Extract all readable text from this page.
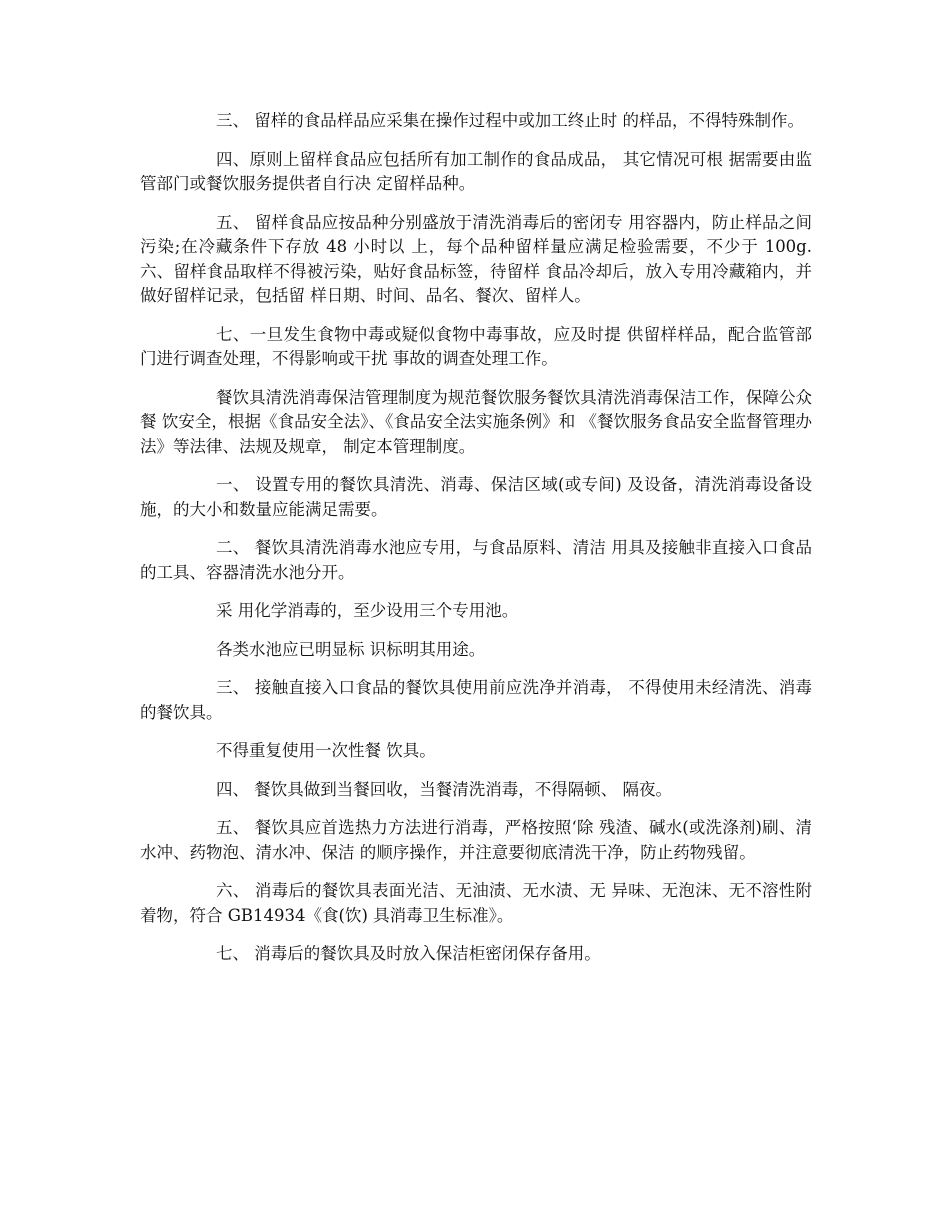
三、 留样的食品样品应采集在操作过程中或加工终止时 的样品，不得特殊制作。

四、原则上留样食品应包括所有加工制作的食品成品， 其它情况可根 据需要由监管部门或餐饮服务提供者自行决 定留样品种。

五、 留样食品应按品种分别盛放于清洗消毒后的密闭专 用容器内，防止样品之间污染;在冷藏条件下存放 48 小时以 上，每个品种留样量应满足检验需要，不少于 100g. 六、留样食品取样不得被污染，贴好食品标签，待留样 食品冷却后，放入专用冷藏箱内，并做好留样记录，包括留 样日期、时间、品名、餐次、留样人。

七、一旦发生食物中毒或疑似食物中毒事故，应及时提 供留样样品，配合监管部门进行调查处理，不得影响或干扰 事故的调查处理工作。

餐饮具清洗消毒保洁管理制度为规范餐饮服务餐饮具清洗消毒保洁工作，保障公众餐 饮安全，根据《食品安全法》、《食品安全法实施条例》和 《餐饮服务食品安全监督管理办法》等法律、法规及规章， 制定本管理制度。

一、 设置专用的餐饮具清洗、消毒、保洁区域(或专间) 及设备，清洗消毒设备设施，的大小和数量应能满足需要。

二、 餐饮具清洗消毒水池应专用，与食品原料、清洁 用具及接触非直接入口食品的工具、容器清洗水池分开。

采 用化学消毒的，至少设用三个专用池。

各类水池应已明显标 识标明其用途。

三、 接触直接入口食品的餐饮具使用前应洗净并消毒， 不得使用未经清洗、消毒的餐饮具。

不得重复使用一次性餐 饮具。

四、 餐饮具做到当餐回收，当餐清洗消毒，不得隔顿、 隔夜。

五、 餐饮具应首选热力方法进行消毒，严格按照‘除 残渣、碱水(或洗涤剂)刷、清水冲、药物泡、清水冲、保洁 的顺序操作，并注意要彻底清洗干净，防止药物残留。

六、 消毒后的餐饮具表面光洁、无油渍、无水渍、无 异味、无泡沫、无不溶性附着物，符合 GB14934《食(饮) 具消毒卫生标准》。

七、 消毒后的餐饮具及时放入保洁柜密闭保存备用。
